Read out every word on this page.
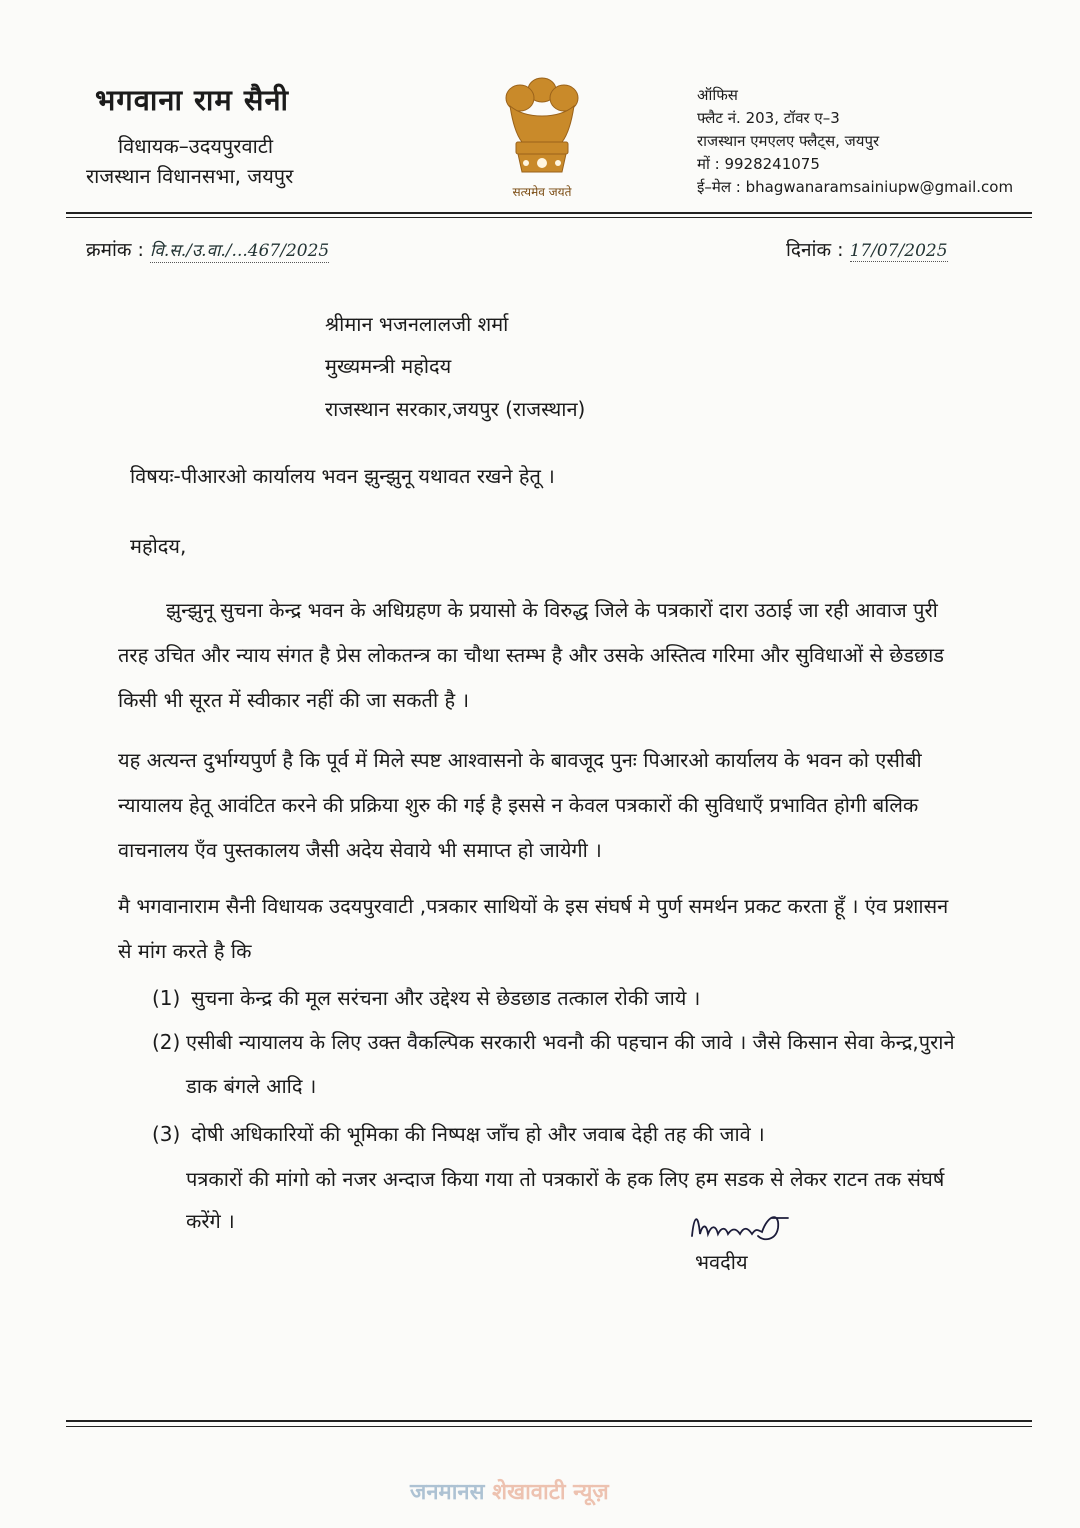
भगवाना राम सैनी
विधायक–उदयपुरवाटी
राजस्थान विधानसभा, जयपुर
सत्यमेव जयते
ऑफिस
फ्लैट नं. 203, टॉवर ए–3
राजस्थान एमएलए फ्लैट्स, जयपुर
मों : 9928241075
ई–मेल : bhagwanaramsainiupw@gmail.com
क्रमांक : वि.स./उ.वा./...467/2025	दिनांक : 17/07/2025
श्रीमान भजनलालजी शर्मा
मुख्यमन्त्री महोदय
राजस्थान सरकार,जयपुर (राजस्थान)
विषयः-पीआरओ कार्यालय भवन झुन्झुनू यथावत रखने हेतू ।
महोदय,
झुन्झुनू सुचना केन्द्र भवन के अधिग्रहण के प्रयासो के विरुद्ध जिले के पत्रकारों दारा उठाई जा रही आवाज पुरी तरह उचित और न्याय संगत है प्रेस लोकतन्त्र का चौथा स्तम्भ है और उसके अस्तित्व गरिमा और सुविधाओं से छेडछाड किसी भी सूरत में स्वीकार नहीं की जा सकती है ।
यह अत्यन्त दुर्भाग्यपुर्ण है कि पूर्व में मिले स्पष्ट आश्वासनो के बावजूद पुनः पिआरओ कार्यालय के भवन को एसीबी न्यायालय हेतू आवंटित करने की प्रक्रिया शुरु की गई है इससे न केवल पत्रकारों की सुविधाएँ प्रभावित होगी बलिक वाचनालय एँव पुस्तकालय जैसी अदेय सेवाये भी समाप्त हो जायेगी ।
मै भगवानाराम सैनी विधायक उदयपुरवाटी ,पत्रकार साथियों के इस संघर्ष मे पुर्ण समर्थन प्रकट करता हूँ । एंव प्रशासन से मांग करते है कि
(1) सुचना केन्द्र की मूल सरंचना और उद्देश्य से छेडछाड तत्काल रोकी जाये ।
(2) एसीबी न्यायालय के लिए उक्त वैकल्पिक सरकारी भवनौ की पहचान की जावे । जैसे किसान सेवा केन्द्र,पुराने डाक बंगले आदि ।
(3) दोषी अधिकारियों की भूमिका की निष्पक्ष जाँच हो और जवाब देही तह की जावे ।
पत्रकारों की मांगो को नजर अन्दाज किया गया तो पत्रकारों के हक लिए हम सडक से लेकर राटन तक संघर्ष करेंगे ।
भवदीय
जनमानस शेखावाटी न्यूज़
